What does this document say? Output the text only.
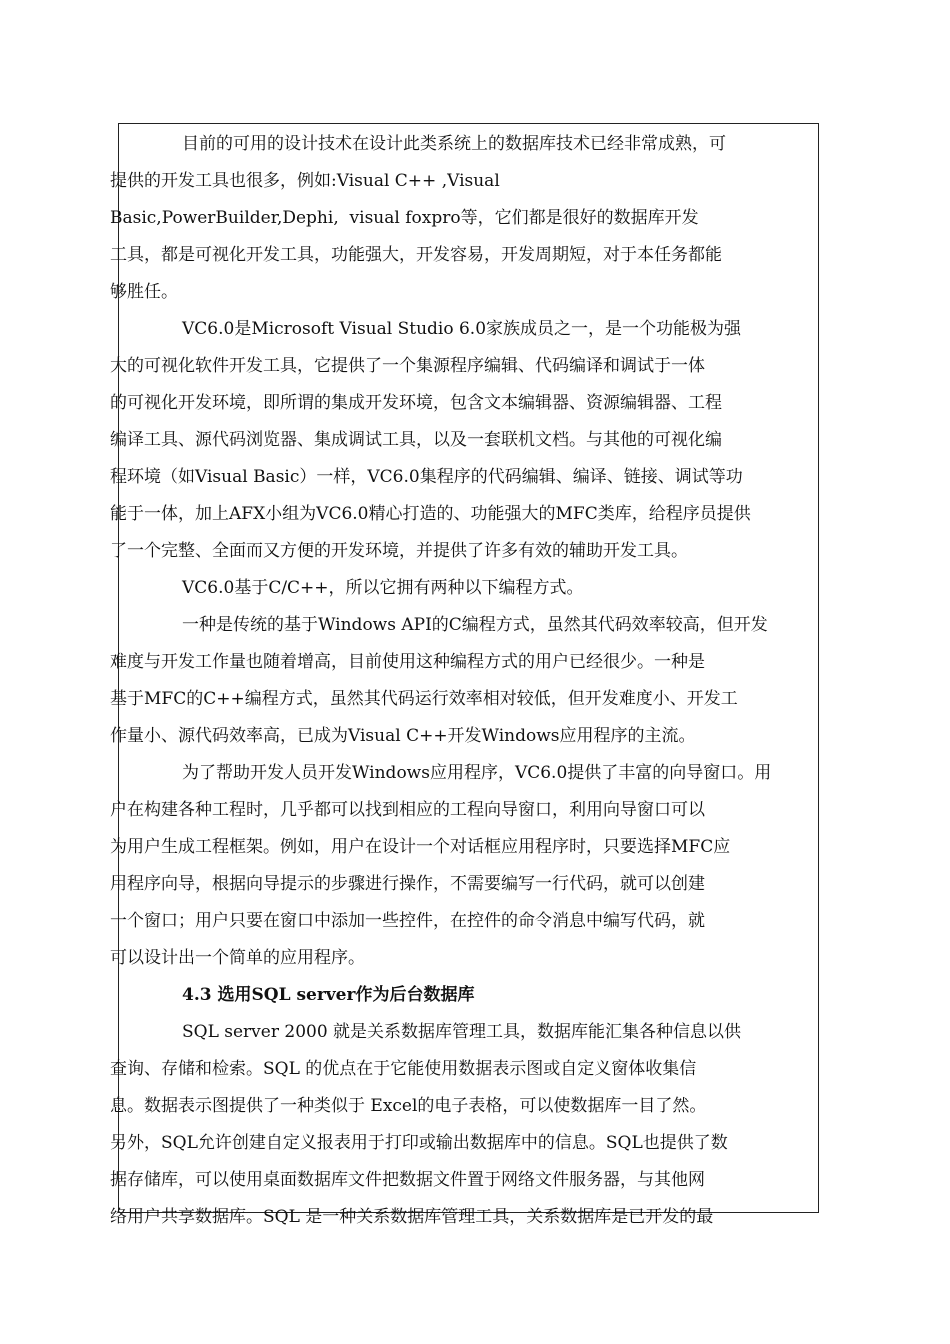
目前的可用的设计技术在设计此类系统上的数据库技术已经非常成熟，可
提供的开发工具也很多，例如:Visual C++ ,Visual
Basic,PowerBuilder,Dephi,  visual foxpro等，它们都是很好的数据库开发
工具，都是可视化开发工具，功能强大，开发容易，开发周期短，对于本任务都能
够胜任。

VC6.0是Microsoft Visual Studio 6.0家族成员之一，是一个功能极为强
大的可视化软件开发工具，它提供了一个集源程序编辑、代码编译和调试于一体
的可视化开发环境，即所谓的集成开发环境，包含文本编辑器、资源编辑器、工程
编译工具、源代码浏览器、集成调试工具，以及一套联机文档。与其他的可视化编
程环境（如Visual Basic）一样，VC6.0集程序的代码编辑、编译、链接、调试等功
能于一体，加上AFX小组为VC6.0精心打造的、功能强大的MFC类库，给程序员提供
了一个完整、全面而又方便的开发环境，并提供了许多有效的辅助开发工具。

VC6.0基于C/C++，所以它拥有两种以下编程方式。

一种是传统的基于Windows API的C编程方式，虽然其代码效率较高，但开发
难度与开发工作量也随着增高，目前使用这种编程方式的用户已经很少。一种是
基于MFC的C++编程方式，虽然其代码运行效率相对较低，但开发难度小、开发工
作量小、源代码效率高，已成为Visual C++开发Windows应用程序的主流。

为了帮助开发人员开发Windows应用程序，VC6.0提供了丰富的向导窗口。用
户在构建各种工程时，几乎都可以找到相应的工程向导窗口，利用向导窗口可以
为用户生成工程框架。例如，用户在设计一个对话框应用程序时，只要选择MFC应
用程序向导，根据向导提示的步骤进行操作，不需要编写一行代码，就可以创建
一个窗口；用户只要在窗口中添加一些控件，在控件的命令消息中编写代码，就
可以设计出一个简单的应用程序。

4.3 选用SQL server作为后台数据库

SQL server 2000 就是关系数据库管理工具，数据库能汇集各种信息以供
查询、存储和检索。SQL 的优点在于它能使用数据表示图或自定义窗体收集信
息。数据表示图提供了一种类似于 Excel的电子表格，可以使数据库一目了然。
另外，SQL允许创建自定义报表用于打印或输出数据库中的信息。SQL也提供了数
据存储库，可以使用桌面数据库文件把数据文件置于网络文件服务器，与其他网
络用户共享数据库。SQL 是一种关系数据库管理工具，关系数据库是已开发的最
